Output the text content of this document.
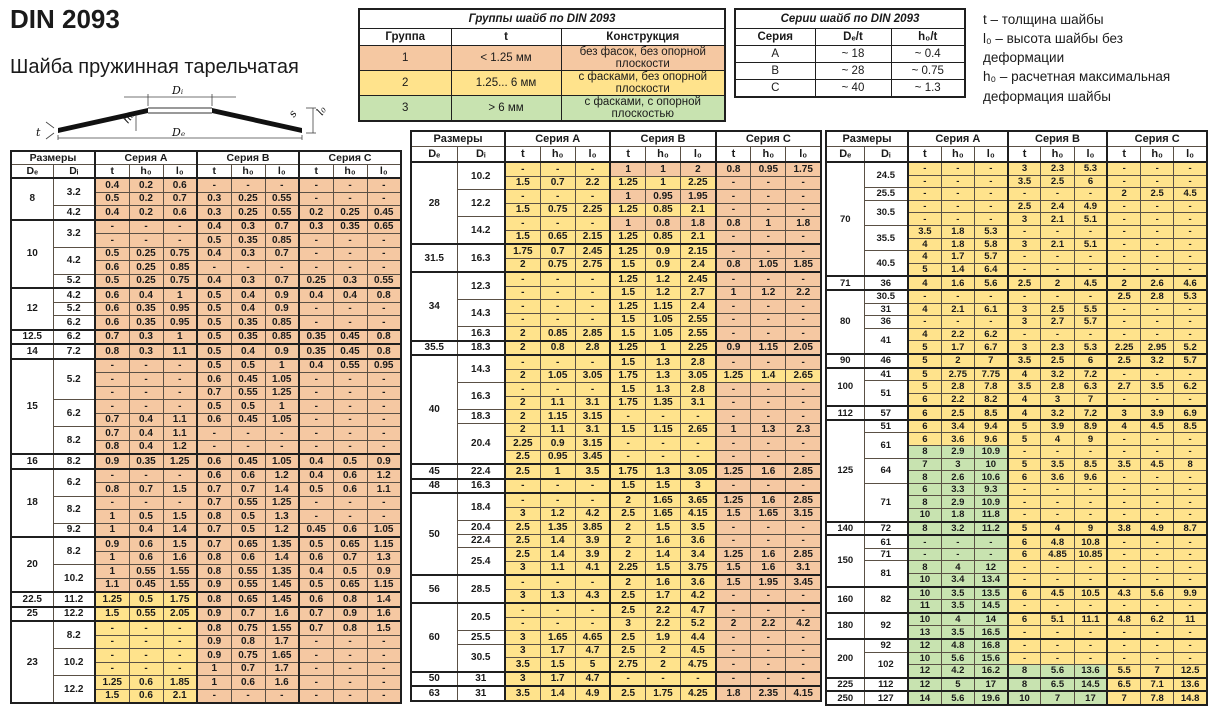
DIN 2093
Шайба пружинная тарельчатая
Dᵢ
Dₑ
h₀	s l₀
t
Группы шайб по DIN 2093		
Группа	t	Конструкция
1	< 1.25 мм	без фасок, без опорной плоскости
2	1.25... 6 мм	с фасками, без опорной плоскости
3	> 6 мм	с фасками, с опорной плоскостью
Серии шайб по DIN 2093		
Серия	Dₑ/t	h₀/t
A	~ 18	~ 0.4
B	~ 28	~ 0.75
C	~ 40	~ 1.3
t – толщина шайбы
l₀ – высота шайбы без деформации
h₀ – расчетная максимальная деформация шайбы
Размеры		Серия A			Серия B			Серия C		
Dₑ	Dᵢ	t	h₀	l₀	t	h₀	l₀	t	h₀	l₀
8	3.2	0.4	0.2	0.6	-	-	-	-	-	-
		0.5	0.2	0.7	0.3	0.25	0.55	-	-	-
	4.2	0.4	0.2	0.6	0.3	0.25	0.55	0.2	0.25	0.45
10	3.2	-	-	-	0.4	0.3	0.7	0.3	0.35	0.65
		-	-	-	0.5	0.35	0.85	-	-	-
	4.2	0.5	0.25	0.75	0.4	0.3	0.7	-	-	-
		0.6	0.25	0.85	-	-	-	-	-	-
	5.2	0.5	0.25	0.75	0.4	0.3	0.7	0.25	0.3	0.55
12	4.2	0.6	0.4	1	0.5	0.4	0.9	0.4	0.4	0.8
	5.2	0.6	0.35	0.95	0.5	0.4	0.9	-	-	-
	6.2	0.6	0.35	0.95	0.5	0.35	0.85	-	-	-
12.5	6.2	0.7	0.3	1	0.5	0.35	0.85	0.35	0.45	0.8
14	7.2	0.8	0.3	1.1	0.5	0.4	0.9	0.35	0.45	0.8
15	5.2	-	-	-	0.5	0.5	1	0.4	0.55	0.95
		-	-	-	0.6	0.45	1.05	-	-	-
		-	-	-	0.7	0.55	1.25	-	-	-
	6.2	-	-	-	0.5	0.5	1	-	-	-
		0.7	0.4	1.1	0.6	0.45	1.05	-	-	-
	8.2	0.7	0.4	1.1	-	-	-	-	-	-
		0.8	0.4	1.2	-	-	-	-	-	-
16	8.2	0.9	0.35	1.25	0.6	0.45	1.05	0.4	0.5	0.9
18	6.2	-	-	-	0.6	0.6	1.2	0.4	0.6	1.2
		0.8	0.7	1.5	0.7	0.7	1.4	0.5	0.6	1.1
	8.2	-	-	-	0.7	0.55	1.25	-	-	-
		1	0.5	1.5	0.8	0.5	1.3	-	-	-
	9.2	1	0.4	1.4	0.7	0.5	1.2	0.45	0.6	1.05
20	8.2	0.9	0.6	1.5	0.7	0.65	1.35	0.5	0.65	1.15
		1	0.6	1.6	0.8	0.6	1.4	0.6	0.7	1.3
	10.2	1	0.55	1.55	0.8	0.55	1.35	0.4	0.5	0.9
		1.1	0.45	1.55	0.9	0.55	1.45	0.5	0.65	1.15
22.5	11.2	1.25	0.5	1.75	0.8	0.65	1.45	0.6	0.8	1.4
25	12.2	1.5	0.55	2.05	0.9	0.7	1.6	0.7	0.9	1.6
23	8.2	-	-	-	0.8	0.75	1.55	0.7	0.8	1.5
		-	-	-	0.9	0.8	1.7	-	-	-
	10.2	-	-	-	0.9	0.75	1.65	-	-	-
		-	-	-	1	0.7	1.7	-	-	-
	12.2	1.25	0.6	1.85	1	0.6	1.6	-	-	-
		1.5	0.6	2.1	-	-	-	-	-	-
Размеры		Серия A			Серия B			Серия C		
Dₑ	Dᵢ	t	h₀	l₀	t	h₀	l₀	t	h₀	l₀
28	10.2	-	-	-	1	1	2	0.8	0.95	1.75
		1.5	0.7	2.2	1.25	1	2.25	-	-	-
	12.2	-	-	-	1	0.95	1.95	-	-	-
		1.5	0.75	2.25	1.25	0.85	2.1	-	-	-
	14.2	-	-	-	1	0.8	1.8	0.8	1	1.8
		1.5	0.65	2.15	1.25	0.85	2.1	-	-	-
31.5	16.3	1.75	0.7	2.45	1.25	0.9	2.15	-	-	-
		2	0.75	2.75	1.5	0.9	2.4	0.8	1.05	1.85
34	12.3	-	-	-	1.25	1.2	2.45	-	-	-
		-	-	-	1.5	1.2	2.7	1	1.2	2.2
	14.3	-	-	-	1.25	1.15	2.4	-	-	-
		-	-	-	1.5	1.05	2.55	-	-	-
	16.3	2	0.85	2.85	1.5	1.05	2.55	-	-	-
35.5	18.3	2	0.8	2.8	1.25	1	2.25	0.9	1.15	2.05
40	14.3	-	-	-	1.5	1.3	2.8	-	-	-
		2	1.05	3.05	1.75	1.3	3.05	1.25	1.4	2.65
	16.3	-	-	-	1.5	1.3	2.8	-	-	-
		2	1.1	3.1	1.75	1.35	3.1	-	-	-
	18.3	2	1.15	3.15	-	-	-	-	-	-
	20.4	2	1.1	3.1	1.5	1.15	2.65	1	1.3	2.3
		2.25	0.9	3.15	-	-	-	-	-	-
		2.5	0.95	3.45	-	-	-	-	-	-
45	22.4	2.5	1	3.5	1.75	1.3	3.05	1.25	1.6	2.85
48	16.3	-	-	-	1.5	1.5	3	-	-	-
50	18.4	-	-	-	2	1.65	3.65	1.25	1.6	2.85
		3	1.2	4.2	2.5	1.65	4.15	1.5	1.65	3.15
	20.4	2.5	1.35	3.85	2	1.5	3.5	-	-	-
	22.4	2.5	1.4	3.9	2	1.6	3.6	-	-	-
	25.4	2.5	1.4	3.9	2	1.4	3.4	1.25	1.6	2.85
		3	1.1	4.1	2.25	1.5	3.75	1.5	1.6	3.1
56	28.5	-	-	-	2	1.6	3.6	1.5	1.95	3.45
		3	1.3	4.3	2.5	1.7	4.2	-	-	-
60	20.5	-	-	-	2.5	2.2	4.7	-	-	-
		-	-	-	3	2.2	5.2	2	2.2	4.2
	25.5	3	1.65	4.65	2.5	1.9	4.4	-	-	-
	30.5	3	1.7	4.7	2.5	2	4.5	-	-	-
		3.5	1.5	5	2.75	2	4.75	-	-	-
50	31	3	1.7	4.7	-	-	-	-	-	-
63	31	3.5	1.4	4.9	2.5	1.75	4.25	1.8	2.35	4.15
Размеры		Серия A			Серия B			Серия C		
Dₑ	Dᵢ	t	h₀	l₀	t	h₀	l₀	t	h₀	l₀
70	24.5	-	-	-	3	2.3	5.3	-	-	-
		-	-	-	3.5	2.5	6	-	-	-
	25.5	-	-	-	-	-	-	2	2.5	4.5
	30.5	-	-	-	2.5	2.4	4.9	-	-	-
		-	-	-	3	2.1	5.1	-	-	-
	35.5	3.5	1.8	5.3	-	-	-	-	-	-
		4	1.8	5.8	3	2.1	5.1	-	-	-
	40.5	4	1.7	5.7	-	-	-	-	-	-
		5	1.4	6.4	-	-	-	-	-	-
71	36	4	1.6	5.6	2.5	2	4.5	2	2.6	4.6
80	30.5	-	-	-	-	-	-	2.5	2.8	5.3
	31	4	2.1	6.1	3	2.5	5.5	-	-	-
	36	-	-	-	3	2.7	5.7	-	-	-
	41	4	2.2	6.2	-	-	-	-	-	-
		5	1.7	6.7	3	2.3	5.3	2.25	2.95	5.2
90	46	5	2	7	3.5	2.5	6	2.5	3.2	5.7
100	41	5	2.75	7.75	4	3.2	7.2	-	-	-
	51	5	2.8	7.8	3.5	2.8	6.3	2.7	3.5	6.2
		6	2.2	8.2	4	3	7	-	-	-
112	57	6	2.5	8.5	4	3.2	7.2	3	3.9	6.9
125	51	6	3.4	9.4	5	3.9	8.9	4	4.5	8.5
	61	6	3.6	9.6	5	4	9	-	-	-
		8	2.9	10.9	-	-	-	-	-	-
	64	7	3	10	5	3.5	8.5	3.5	4.5	8
		8	2.6	10.6	6	3.6	9.6	-	-	-
	71	6	3.3	9.3	-	-	-	-	-	-
		8	2.9	10.9	-	-	-	-	-	-
		10	1.8	11.8	-	-	-	-	-	-
140	72	8	3.2	11.2	5	4	9	3.8	4.9	8.7
150	61	-	-	-	6	4.8	10.8	-	-	-
	71	-	-	-	6	4.85	10.85	-	-	-
	81	8	4	12	-	-	-	-	-	-
		10	3.4	13.4	-	-	-	-	-	-
160	82	10	3.5	13.5	6	4.5	10.5	4.3	5.6	9.9
		11	3.5	14.5	-	-	-	-	-	-
180	92	10	4	14	6	5.1	11.1	4.8	6.2	11
		13	3.5	16.5	-	-	-	-	-	-
200	92	12	4.8	16.8	-	-	-	-	-	-
	102	10	5.6	15.6	-	-	-	-	-	-
		12	4.2	16.2	8	5.6	13.6	5.5	7	12.5
225	112	12	5	17	8	6.5	14.5	6.5	7.1	13.6
250	127	14	5.6	19.6	10	7	17	7	7.8	14.8
